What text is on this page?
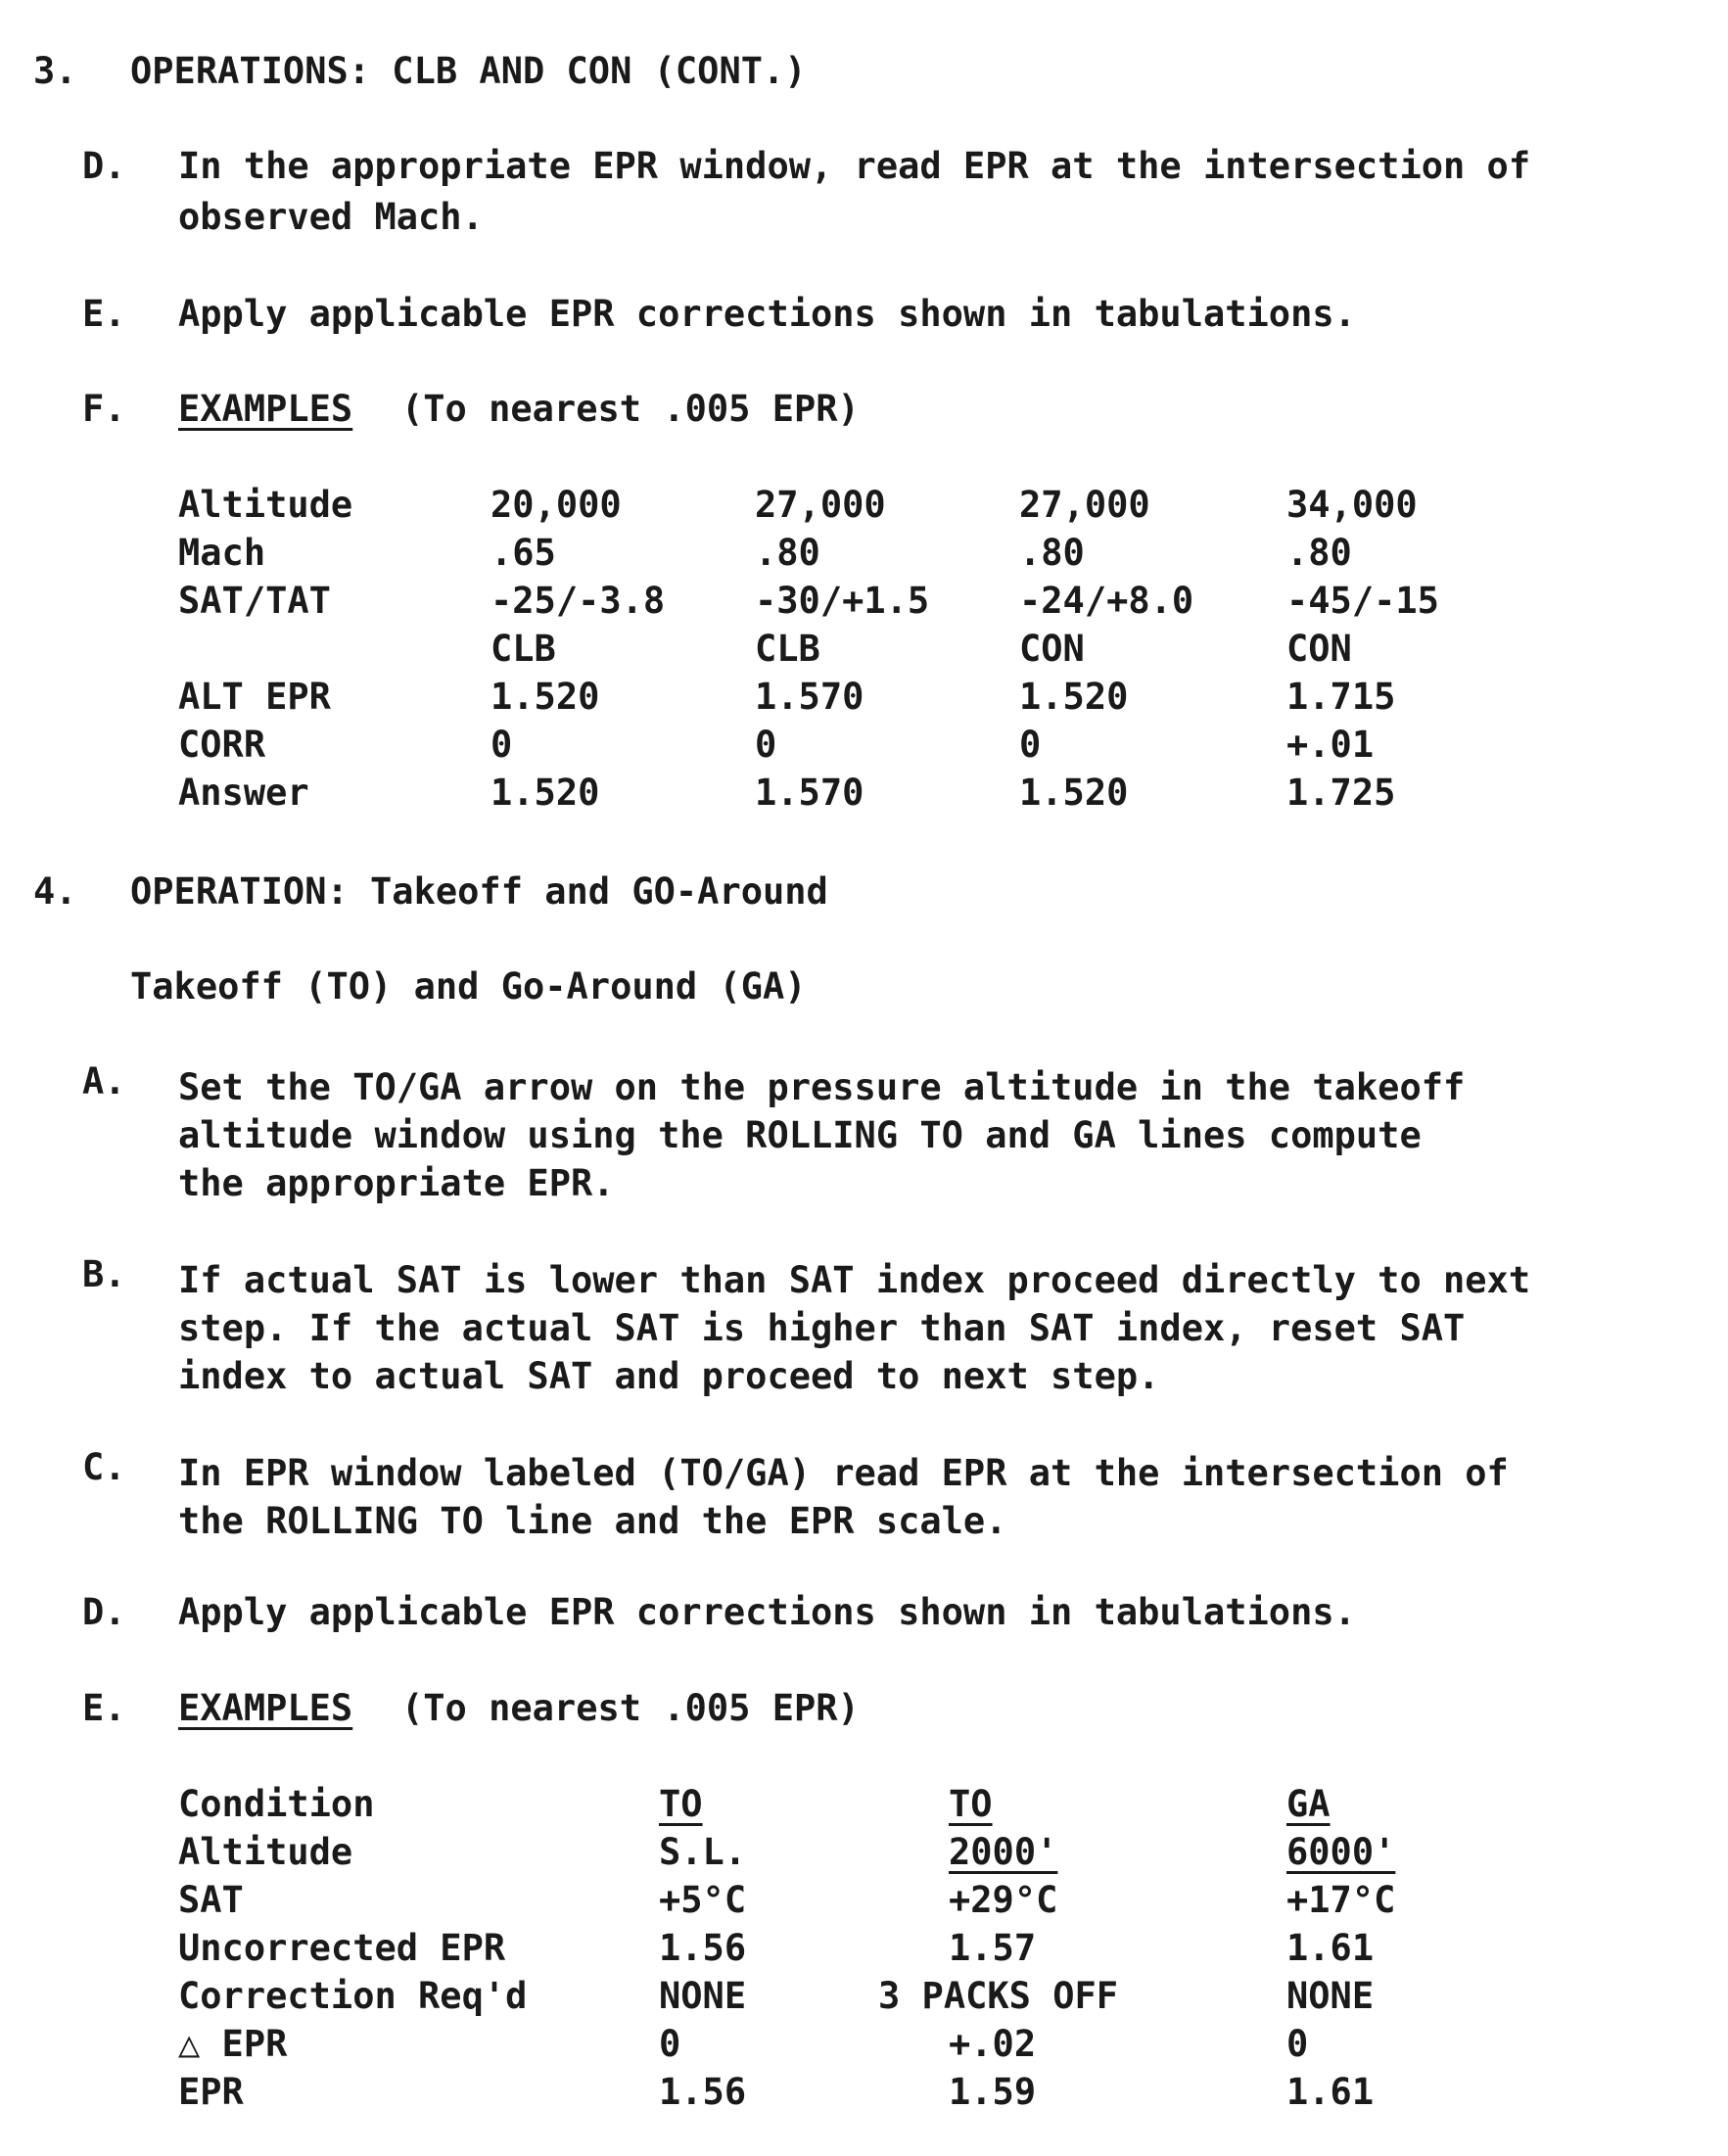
3. OPERATIONS: CLB AND CON (CONT.)
D. In the appropriate EPR window, read EPR at the intersection of
observed Mach.
E. Apply applicable EPR corrections shown in tabulations.
F. EXAMPLES (To nearest .005 EPR)
Altitude
Mach
SAT/TAT

ALT EPR
CORR
Answer
20,000
.65
-25/-3.8
CLB
1.520
0
1.520
27,000
.80
-30/+1.5
CLB
1.570
0
1.570
27,000
.80
-24/+8.0
CON
1.520
0
1.520
34,000
.80
-45/-15
CON
1.715
+.01
1.725
4. OPERATION: Takeoff and GO-Around
Takeoff (TO) and Go-Around (GA)
A. Set the TO/GA arrow on the pressure altitude in the takeoff
altitude window using the ROLLING TO and GA lines compute
the appropriate EPR.
B. If actual SAT is lower than SAT index proceed directly to next
step. If the actual SAT is higher than SAT index, reset SAT
index to actual SAT and proceed to next step.
C. In EPR window labeled (TO/GA) read EPR at the intersection of
the ROLLING TO line and the EPR scale.
D. Apply applicable EPR corrections shown in tabulations.
E. EXAMPLES (To nearest .005 EPR)
Condition
Altitude
SAT
Uncorrected EPR
Correction Req'd
△ EPR
EPR
TO
S.L.
+5°C
1.56
NONE
0
1.56
TO
2000'
+29°C
1.57
3 PACKS OFF
+.02
1.59
GA
6000'
+17°C
1.61
NONE
0
1.61
